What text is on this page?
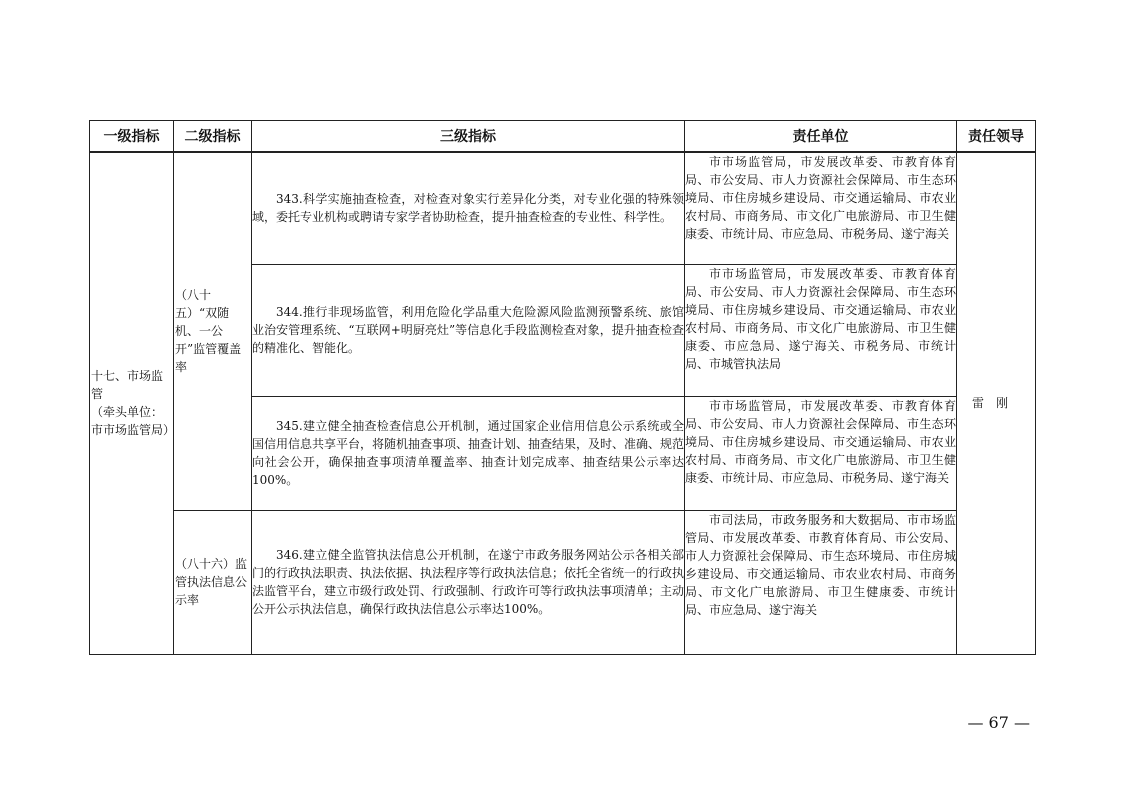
一级指标	二级指标	三级指标	责任单位	责任领导

十七、市场监管
（牵头单位：市市场监管局）	（八十五）“双随机、一公开”监管覆盖率	343.科学实施抽查检查，对检查对象实行差异化分类，对专业化强的特殊领域，委托专业机构或聘请专家学者协助检查，提升抽查检查的专业性、科学性。	市市场监管局，市发展改革委、市教育体育局、市公安局、市人力资源社会保障局、市生态环境局、市住房城乡建设局、市交通运输局、市农业农村局、市商务局、市文化广电旅游局、市卫生健康委、市统计局、市应急局、市税务局、遂宁海关	雷刚

		344.推行非现场监管，利用危险化学品重大危险源风险监测预警系统、旅馆业治安管理系统、“互联网+明厨亮灶”等信息化手段监测检查对象，提升抽查检查的精准化、智能化。	市市场监管局，市发展改革委、市教育体育局、市公安局、市人力资源社会保障局、市生态环境局、市住房城乡建设局、市交通运输局、市农业农村局、市商务局、市文化广电旅游局、市卫生健康委、市应急局、遂宁海关、市税务局、市统计局、市城管执法局	

		345.建立健全抽查检查信息公开机制，通过国家企业信用信息公示系统或全国信用信息共享平台，将随机抽查事项、抽查计划、抽查结果，及时、准确、规范向社会公开，确保抽查事项清单覆盖率、抽查计划完成率、抽查结果公示率达100%。	市市场监管局，市发展改革委、市教育体育局、市公安局、市人力资源社会保障局、市生态环境局、市住房城乡建设局、市交通运输局、市农业农村局、市商务局、市文化广电旅游局、市卫生健康委、市统计局、市应急局、市税务局、遂宁海关	

	（八十六）监管执法信息公示率	346.建立健全监管执法信息公开机制，在遂宁市政务服务网站公示各相关部门的行政执法职责、执法依据、执法程序等行政执法信息；依托全省统一的行政执法监管平台，建立市级行政处罚、行政强制、行政许可等行政执法事项清单；主动公开公示执法信息，确保行政执法信息公示率达100%。	市司法局，市政务服务和大数据局、市市场监管局、市发展改革委、市教育体育局、市公安局、市人力资源社会保障局、市生态环境局、市住房城乡建设局、市交通运输局、市农业农村局、市商务局、市文化广电旅游局、市卫生健康委、市统计局、市应急局、遂宁海关	
— 67 —
